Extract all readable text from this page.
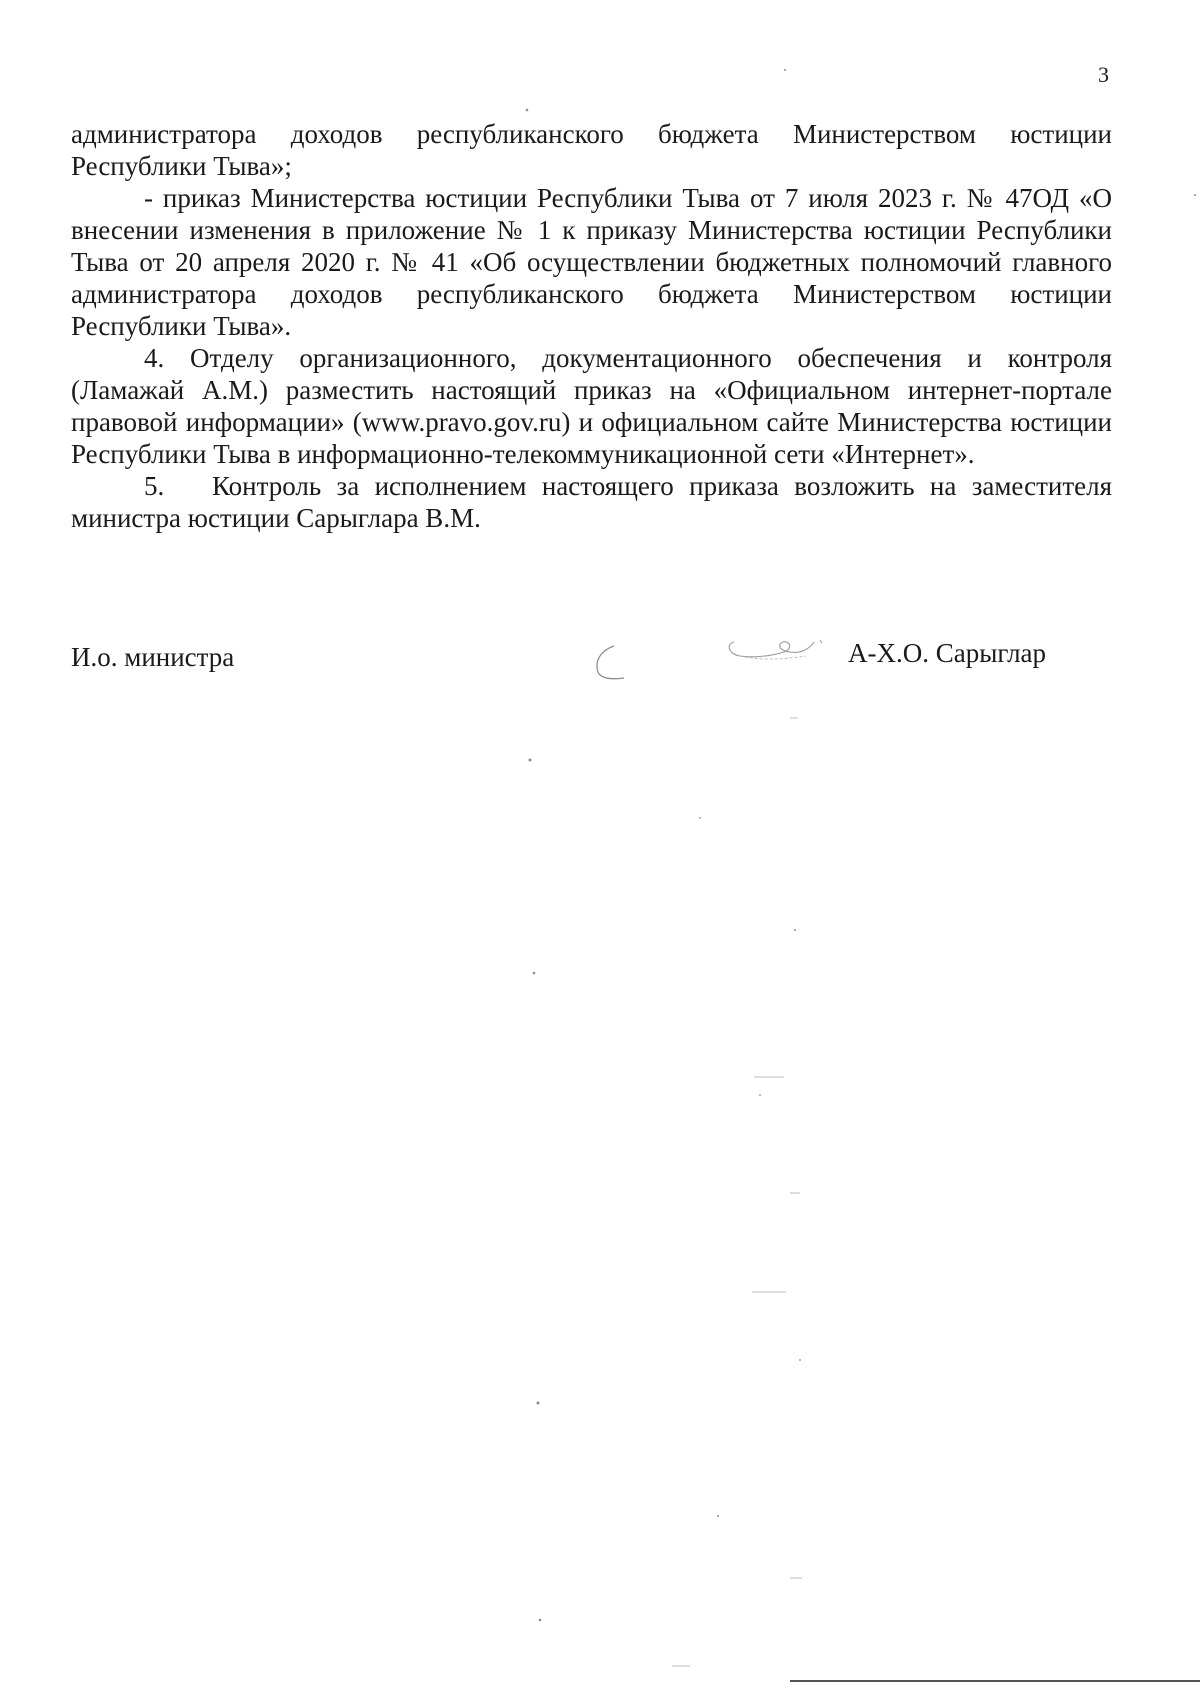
3

администратора доходов республиканского бюджета Министерством юстиции Республики Тыва»;

- приказ Министерства юстиции Республики Тыва от 7 июля 2023 г. № 47ОД «О внесении изменения в приложение № 1 к приказу Министерства юстиции Республики Тыва от 20 апреля 2020 г. № 41 «Об осуществлении бюджетных полномочий главного администратора доходов республиканского бюджета Министерством юстиции Республики Тыва».

4. Отделу организационного, документационного обеспечения и контроля (Ламажай А.М.) разместить настоящий приказ на «Официальном интернет-портале правовой информации» (www.pravo.gov.ru) и официальном сайте Министерства юстиции Республики Тыва в информационно-телекоммуникационной сети «Интернет».

5. Контроль за исполнением настоящего приказа возложить на заместителя министра юстиции Сарыглара В.М.

И.о. министра	А-Х.О. Сарыглар
